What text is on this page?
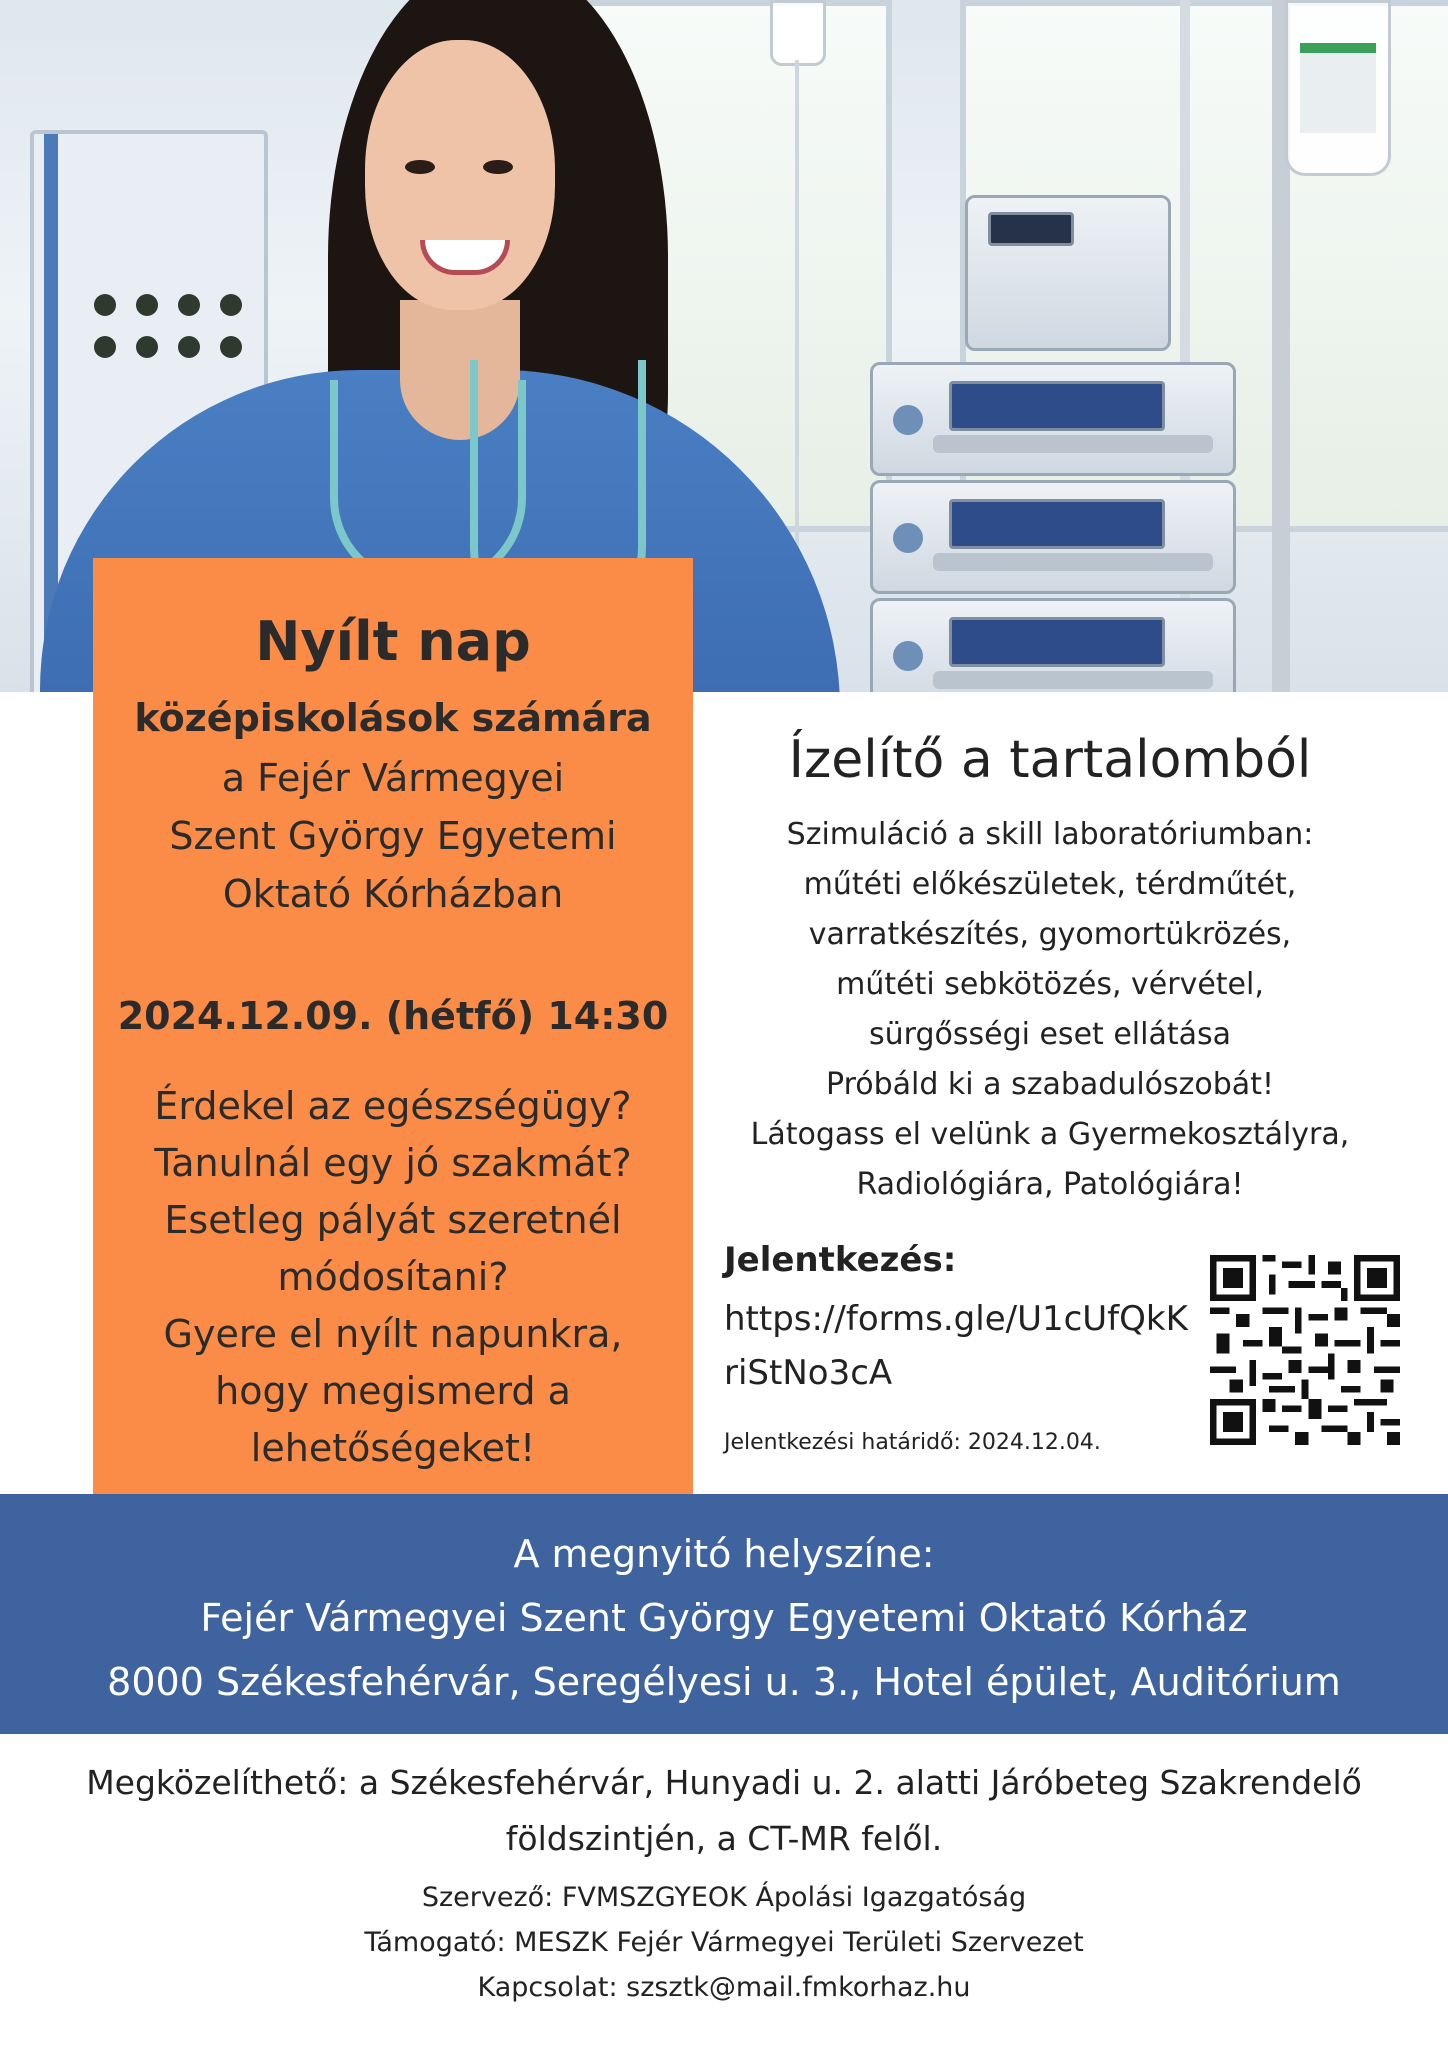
Nyílt nap
középiskolások számára
a Fejér Vármegyei
Szent György Egyetemi
Oktató Kórházban
2024.12.09. (hétfő) 14:30
Érdekel az egészségügy?
Tanulnál egy jó szakmát?
Esetleg pályát szeretnél
módosítani?
Gyere el nyílt napunkra,
hogy megismerd a
lehetőségeket!
Ízelítő a tartalomból
Szimuláció a skill laboratóriumban:
műtéti előkészületek, térdműtét,
varratkészítés, gyomortükrözés,
műtéti sebkötözés, vérvétel,
sürgősségi eset ellátása
Próbáld ki a szabadulószobát!
Látogass el velünk a Gyermekosztályra,
Radiológiára, Patológiára!
Jelentkezés:
https://forms.gle/U1cUfQkKriStNo3cA
Jelentkezési határidő: 2024.12.04.
A megnyitó helyszíne:
Fejér Vármegyei Szent György Egyetemi Oktató Kórház
8000 Székesfehérvár, Seregélyesi u. 3., Hotel épület, Auditórium
Megközelíthető: a Székesfehérvár, Hunyadi u. 2. alatti Járóbeteg Szakrendelő
földszintjén, a CT-MR felől.
Szervező: FVMSZGYEOK Ápolási Igazgatóság
Támogató: MESZK Fejér Vármegyei Területi Szervezet
Kapcsolat: szsztk@mail.fmkorhaz.hu
